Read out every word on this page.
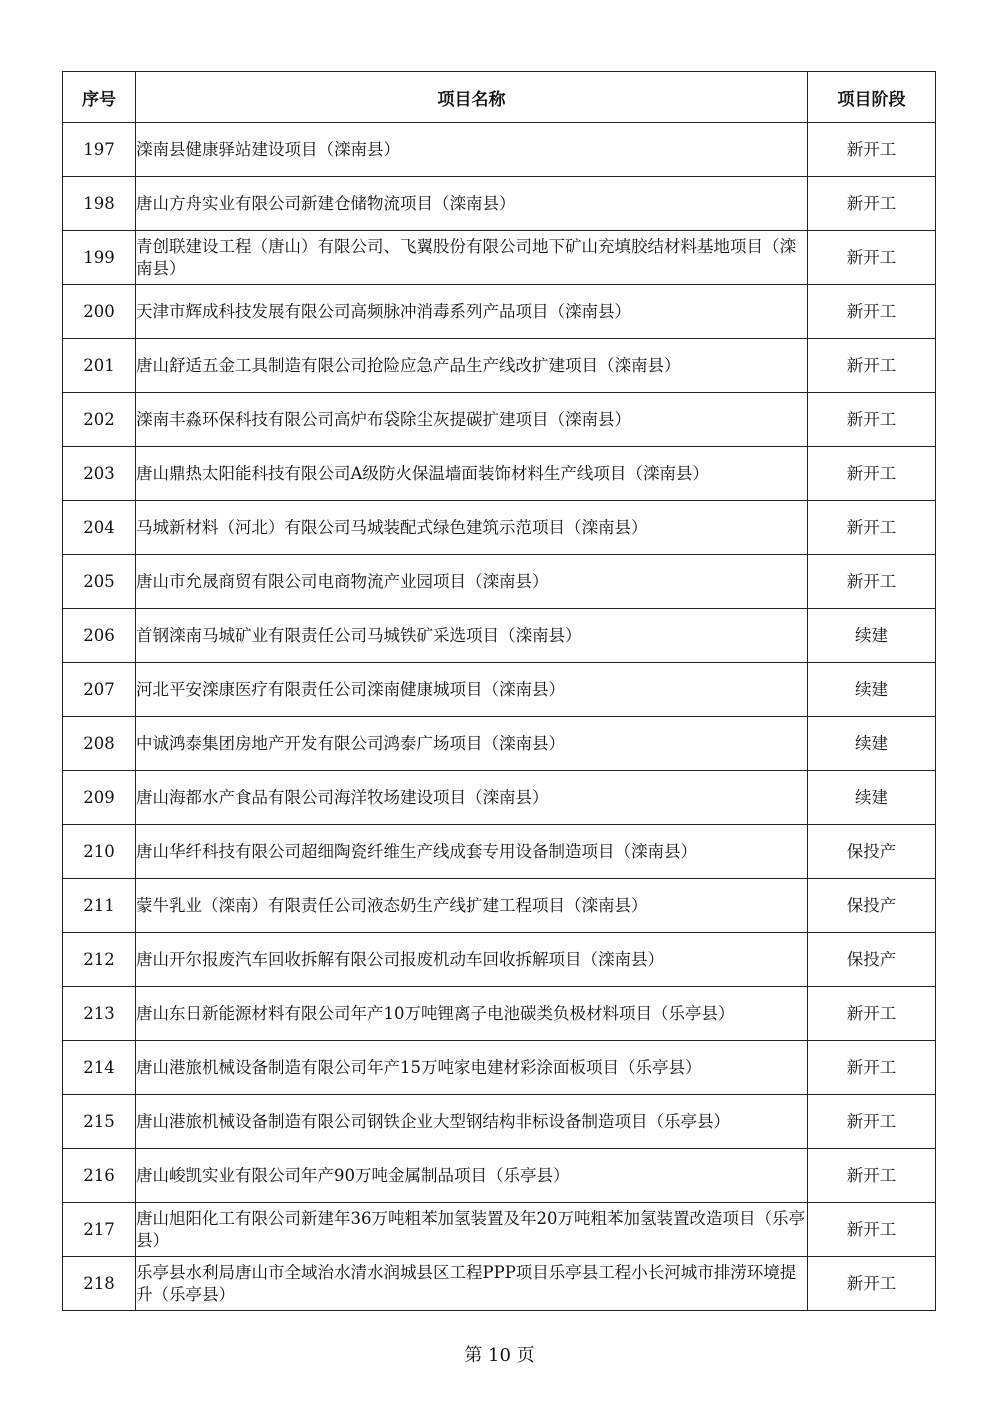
序号	项目名称	项目阶段
197	滦南县健康驿站建设项目（滦南县）	新开工
198	唐山方舟实业有限公司新建仓储物流项目（滦南县）	新开工
199	青创联建设工程（唐山）有限公司、飞翼股份有限公司地下矿山充填胶结材料基地项目（滦南县）	新开工
200	天津市辉成科技发展有限公司高频脉冲消毒系列产品项目（滦南县）	新开工
201	唐山舒适五金工具制造有限公司抢险应急产品生产线改扩建项目（滦南县）	新开工
202	滦南丰淼环保科技有限公司高炉布袋除尘灰提碳扩建项目（滦南县）	新开工
203	唐山鼎热太阳能科技有限公司A级防火保温墙面装饰材料生产线项目（滦南县）	新开工
204	马城新材料（河北）有限公司马城装配式绿色建筑示范项目（滦南县）	新开工
205	唐山市允晟商贸有限公司电商物流产业园项目（滦南县）	新开工
206	首钢滦南马城矿业有限责任公司马城铁矿采选项目（滦南县）	续建
207	河北平安滦康医疗有限责任公司滦南健康城项目（滦南县）	续建
208	中诚鸿泰集团房地产开发有限公司鸿泰广场项目（滦南县）	续建
209	唐山海都水产食品有限公司海洋牧场建设项目（滦南县）	续建
210	唐山华纤科技有限公司超细陶瓷纤维生产线成套专用设备制造项目（滦南县）	保投产
211	蒙牛乳业（滦南）有限责任公司液态奶生产线扩建工程项目（滦南县）	保投产
212	唐山开尔报废汽车回收拆解有限公司报废机动车回收拆解项目（滦南县）	保投产
213	唐山东日新能源材料有限公司年产10万吨锂离子电池碳类负极材料项目（乐亭县）	新开工
214	唐山港旅机械设备制造有限公司年产15万吨家电建材彩涂面板项目（乐亭县）	新开工
215	唐山港旅机械设备制造有限公司钢铁企业大型钢结构非标设备制造项目（乐亭县）	新开工
216	唐山峻凯实业有限公司年产90万吨金属制品项目（乐亭县）	新开工
217	唐山旭阳化工有限公司新建年36万吨粗苯加氢装置及年20万吨粗苯加氢装置改造项目（乐亭县）	新开工
218	乐亭县水利局唐山市全域治水清水润城县区工程PPP项目乐亭县工程小长河城市排涝环境提升（乐亭县）	新开工
第 10 页
